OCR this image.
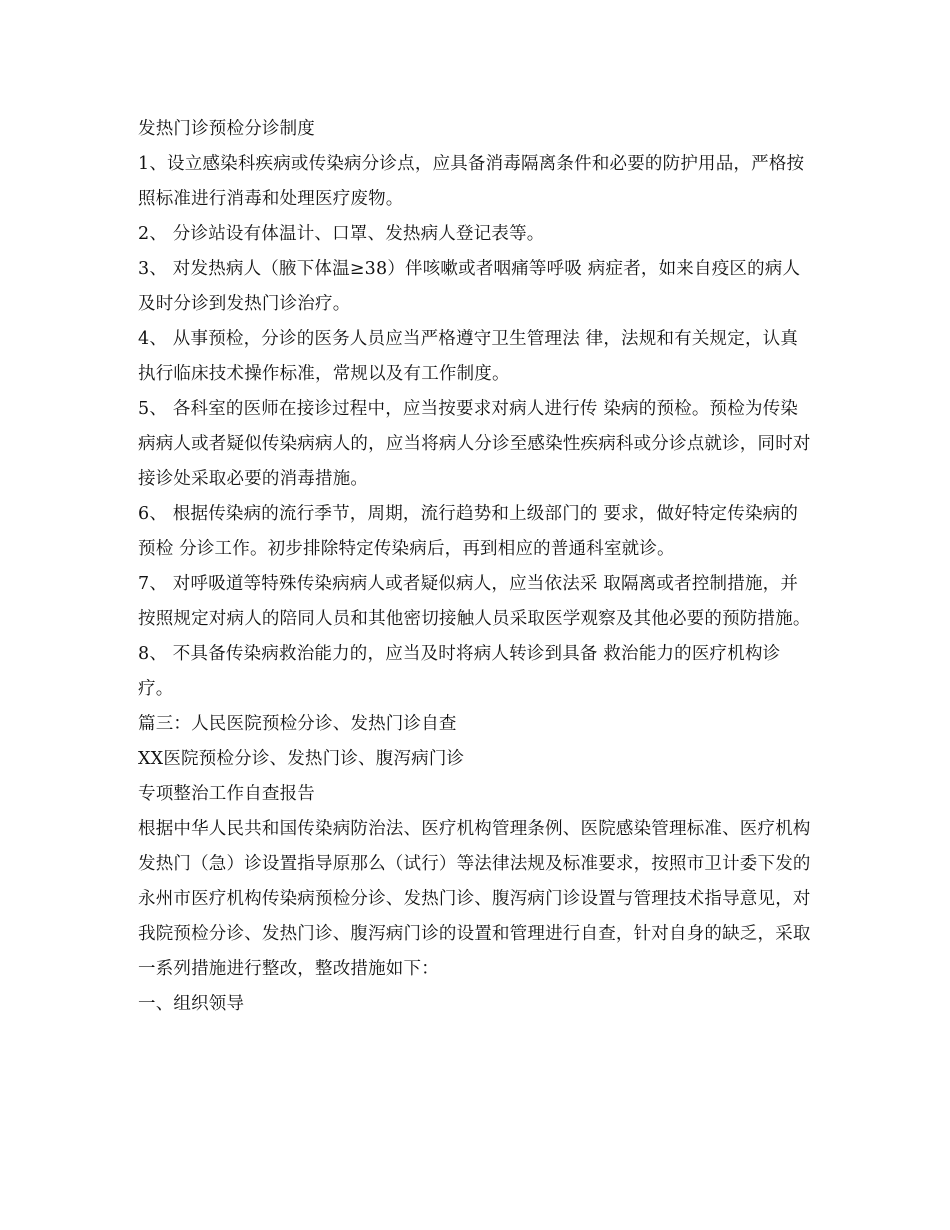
发热门诊预检分诊制度

1、设立感染科疾病或传染病分诊点，应具备消毒隔离条件和必要的防护用品，严格按照标准进行消毒和处理医疗废物。

2、 分诊站设有体温计、口罩、发热病人登记表等。

3、 对发热病人（腋下体温≥38）伴咳嗽或者咽痛等呼吸 病症者，如来自疫区的病人及时分诊到发热门诊治疗。

4、 从事预检，分诊的医务人员应当严格遵守卫生管理法 律，法规和有关规定，认真执行临床技术操作标准，常规以及有工作制度。

5、 各科室的医师在接诊过程中，应当按要求对病人进行传 染病的预检。预检为传染病病人或者疑似传染病病人的，应当将病人分诊至感染性疾病科或分诊点就诊，同时对接诊处采取必要的消毒措施。

6、 根据传染病的流行季节，周期，流行趋势和上级部门的 要求，做好特定传染病的预检 分诊工作。初步排除特定传染病后，再到相应的普通科室就诊。

7、 对呼吸道等特殊传染病病人或者疑似病人，应当依法采 取隔离或者控制措施，并按照规定对病人的陪同人员和其他密切接触人员采取医学观察及其他必要的预防措施。

8、 不具备传染病救治能力的，应当及时将病人转诊到具备 救治能力的医疗机构诊疗。

篇三：人民医院预检分诊、发热门诊自查

XX医院预检分诊、发热门诊、腹泻病门诊

专项整治工作自查报告

根据中华人民共和国传染病防治法、医疗机构管理条例、医院感染管理标准、医疗机构发热门（急）诊设置指导原那么（试行）等法律法规及标准要求，按照市卫计委下发的永州市医疗机构传染病预检分诊、发热门诊、腹泻病门诊设置与管理技术指导意见，对我院预检分诊、发热门诊、腹泻病门诊的设置和管理进行自查，针对自身的缺乏，采取一系列措施进行整改，整改措施如下：

一、组织领导
